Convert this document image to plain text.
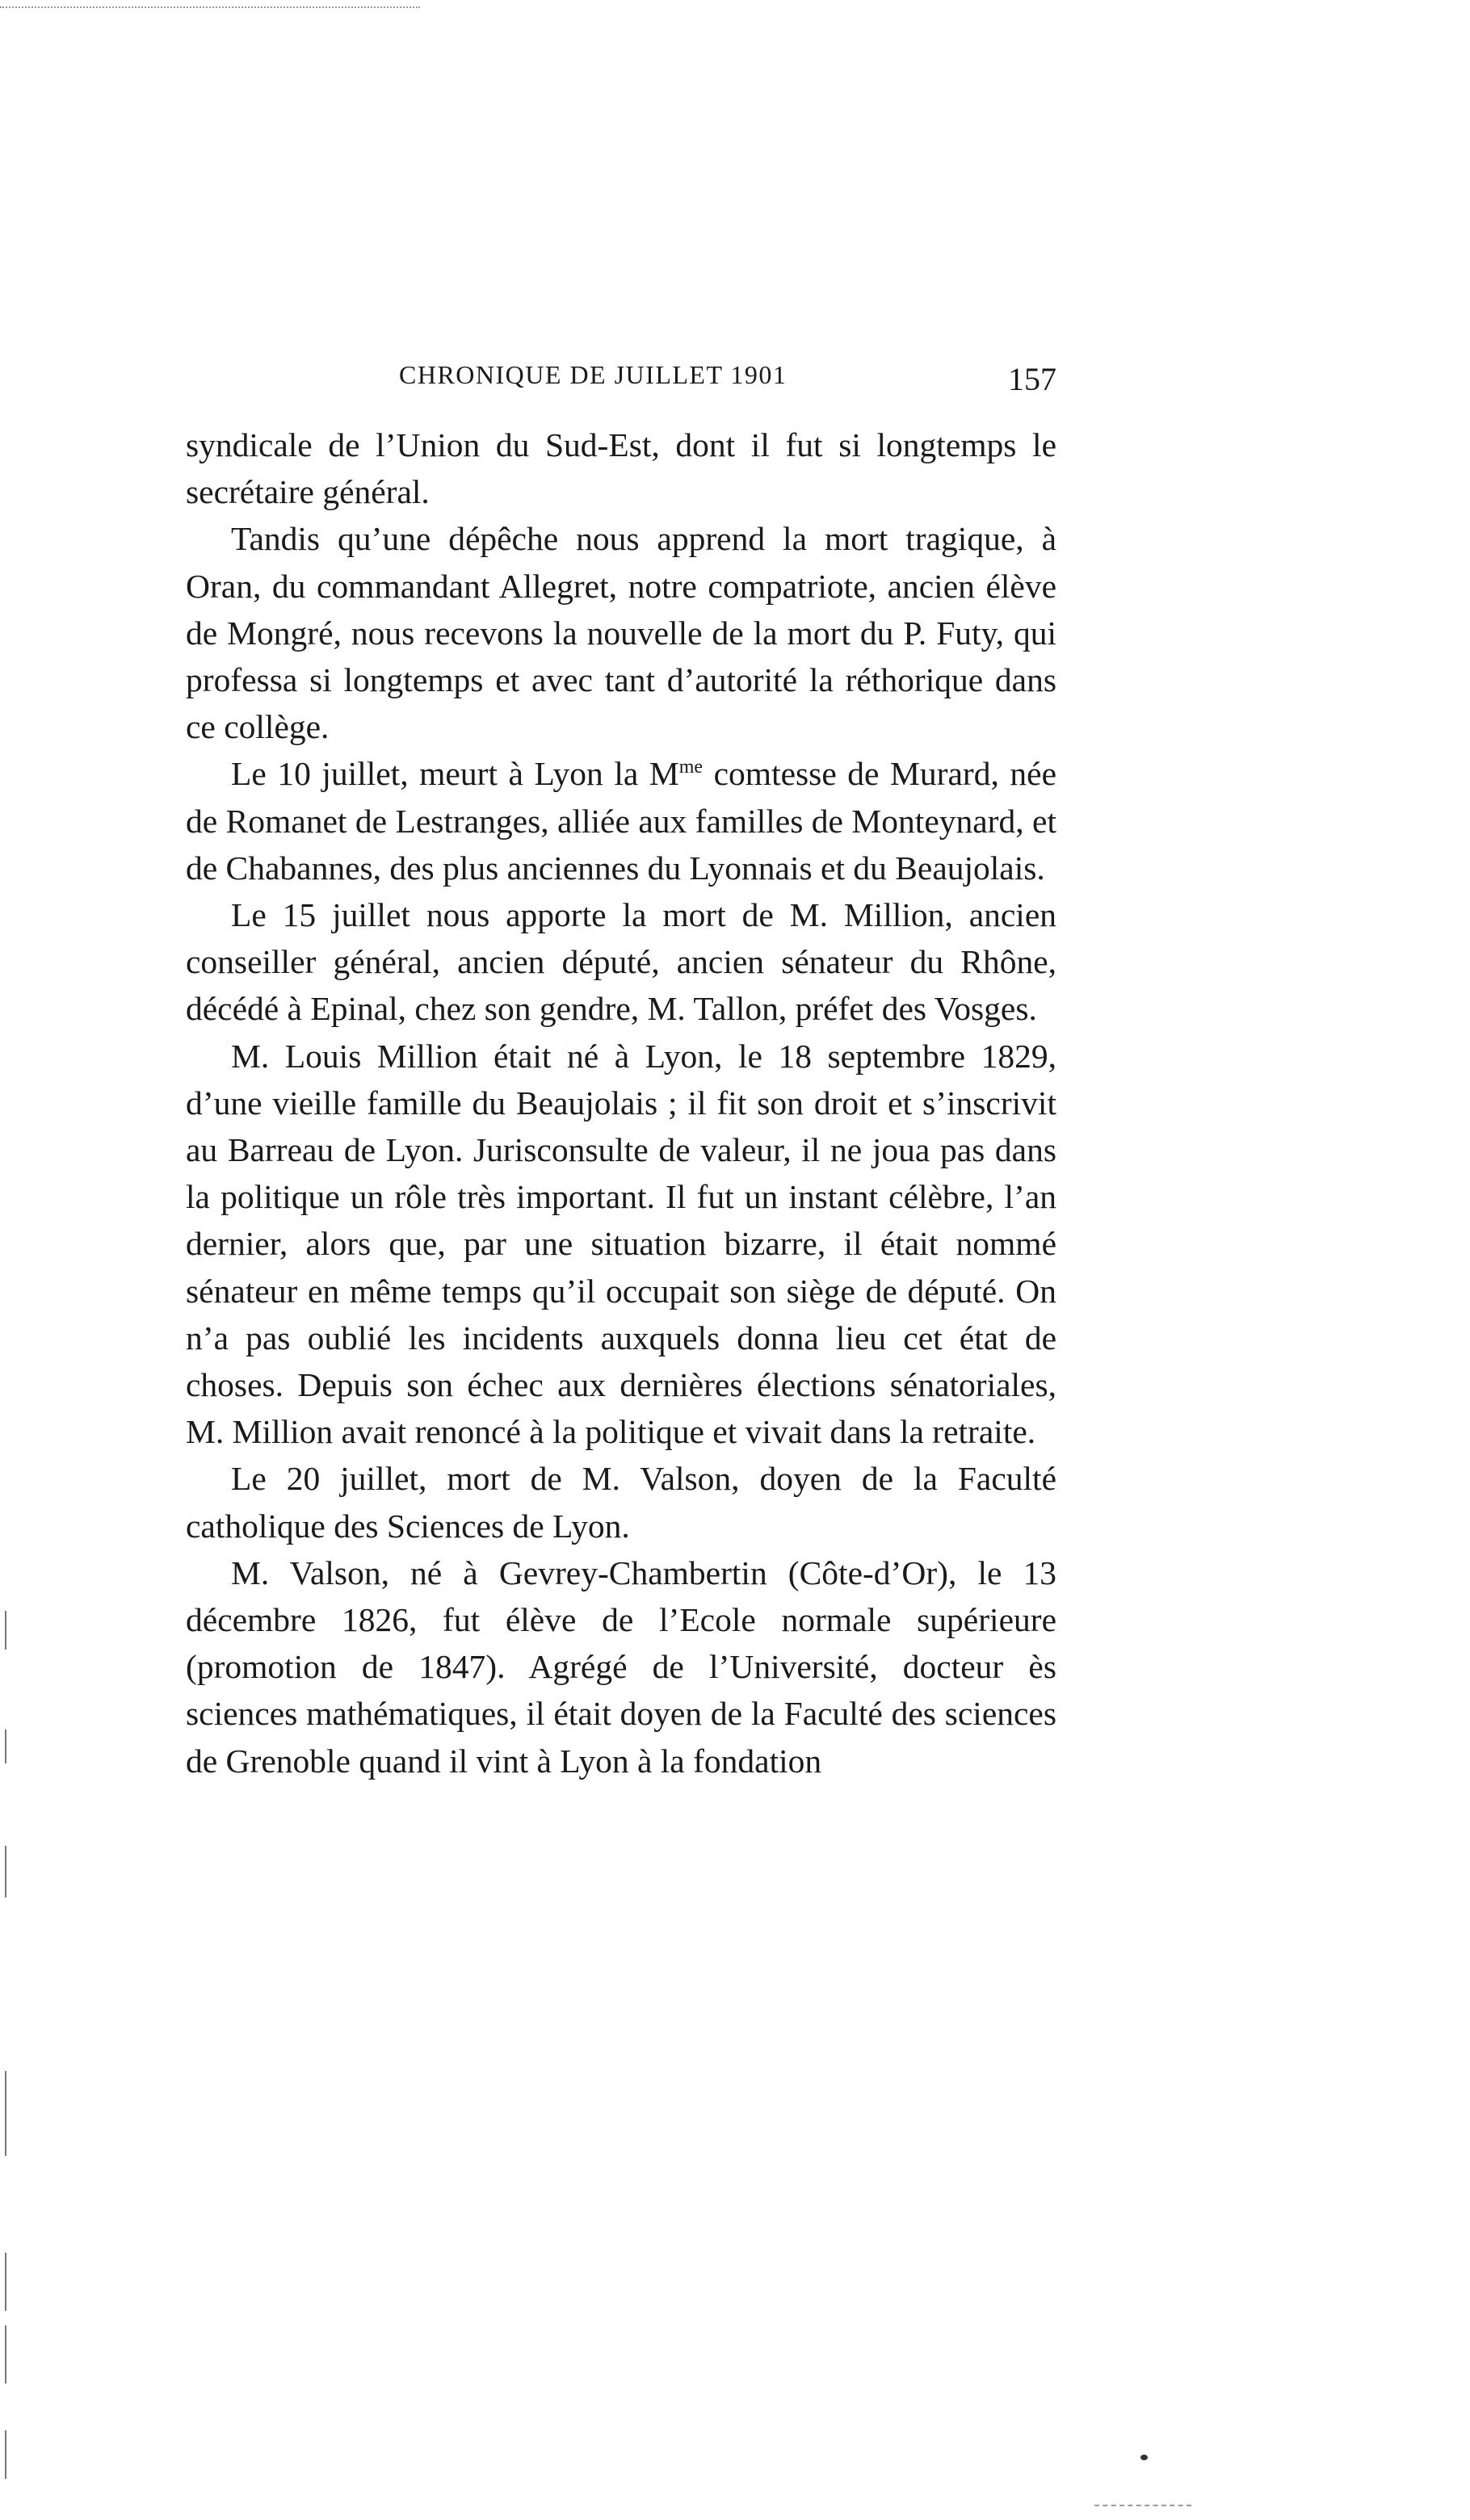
CHRONIQUE DE JUILLET 1901	157

syndicale de l’Union du Sud-Est, dont il fut si longtemps le secrétaire général.

Tandis qu’une dépêche nous apprend la mort tragique, à Oran, du commandant Allegret, notre compatriote, ancien élève de Mongré, nous recevons la nouvelle de la mort du P. Futy, qui professa si longtemps et avec tant d’autorité la réthorique dans ce collège.

Le 10 juillet, meurt à Lyon la $M^{me}$ comtesse de Murard, née de Romanet de Lestranges, alliée aux familles de Monteynard, et de Chabannes, des plus anciennes du Lyonnais et du Beaujolais.

Le 15 juillet nous apporte la mort de M. Million, ancien conseiller général, ancien député, ancien sénateur du Rhône, décédé à Epinal, chez son gendre, M. Tallon, préfet des Vosges.

M. Louis Million était né à Lyon, le 18 septembre 1829, d’une vieille famille du Beaujolais ; il fit son droit et s’inscrivit au Barreau de Lyon. Jurisconsulte de valeur, il ne joua pas dans la politique un rôle très important. Il fut un instant célèbre, l’an dernier, alors que, par une situation bizarre, il était nommé sénateur en même temps qu’il occupait son siège de député. On n’a pas oublié les incidents auxquels donna lieu cet état de choses. Depuis son échec aux dernières élections sénatoriales, M. Million avait renoncé à la politique et vivait dans la retraite.

Le 20 juillet, mort de M. Valson, doyen de la Faculté catholique des Sciences de Lyon.

M. Valson, né à Gevrey-Chambertin (Côte-d’Or), le 13 décembre 1826, fut élève de l’Ecole normale supérieure (promotion de 1847). Agrégé de l’Université, docteur ès sciences mathématiques, il était doyen de la Faculté des sciences de Grenoble quand il vint à Lyon à la fondation
